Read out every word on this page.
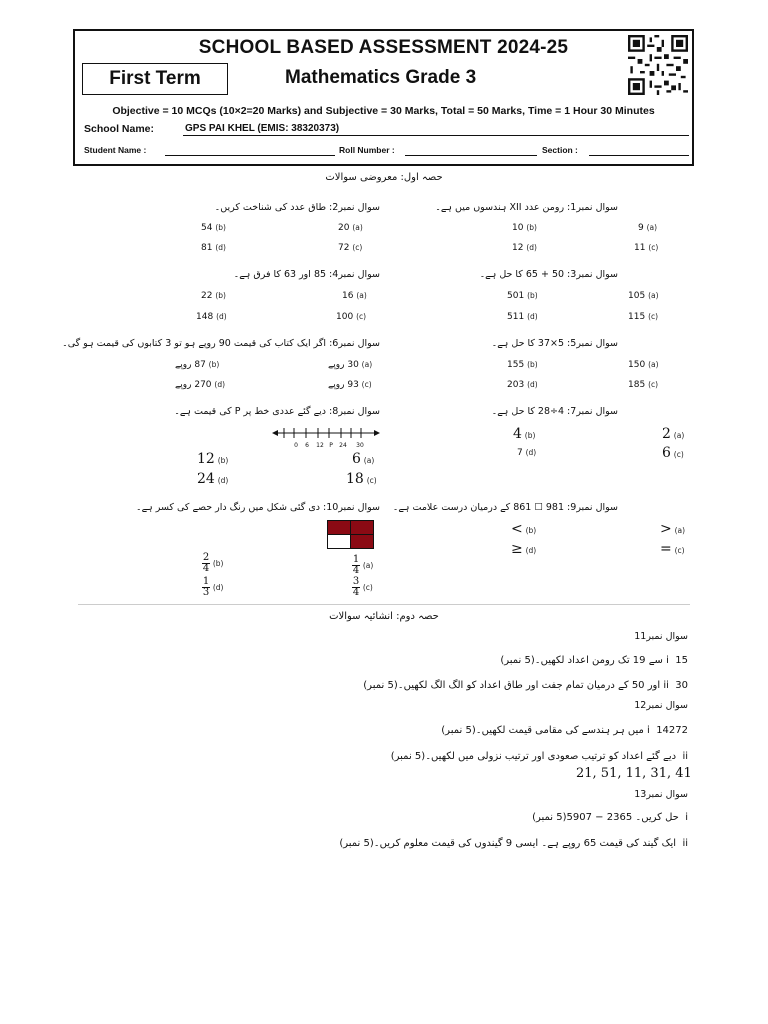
SCHOOL BASED ASSESSMENT 2024-25
First Term	Mathematics Grade 3
Objective = 10 MCQs (10×2=20 Marks) and Subjective = 30 Marks, Total = 50 Marks, Time = 1 Hour 30 Minutes
School Name:	GPS PAI KHEL (EMIS: 38320373)
Student Name :	Roll Number :	Section :
حصہ اول: معروضی سوالات
سوال نمبر1: رومن عدد XII ہندسوں میں ہے۔
9 (a)
10 (b)
11 (c)
12 (d)
سوال نمبر2: طاق عدد کی شناخت کریں۔
20 (a)
54 (b)
72 (c)
81 (d)
سوال نمبر3: 50 + 65 کا حل ہے۔
105 (a)
501 (b)
115 (c)
511 (d)
سوال نمبر4: 85 اور 63 کا فرق ہے۔
16 (a)
22 (b)
100 (c)
148 (d)
سوال نمبر5: 5×37 کا حل ہے۔
150 (a)
155 (b)
185 (c)
203 (d)
سوال نمبر6: اگر ایک کتاب کی قیمت 90 روپے ہو تو 3 کتابوں کی قیمت ہو گی۔
(a) 30 روپے
(b) 87 روپے
(c) 93 روپے
(d) 270 روپے
سوال نمبر7: 4÷28 کا حل ہے۔
2 (a)
4 (b)
6 (c)
7 (d)
سوال نمبر8: دیے گئے عددی خط پر P کی قیمت ہے۔
0 6 12 P 24 30
6 (a)
12 (b)
18 (c)
24 (d)
سوال نمبر9: 981 ☐ 861 کے درمیان درست علامت ہے۔
> (a)
< (b)
= (c)
≥ (d)
سوال نمبر10: دی گئی شکل میں رنگ دار حصے کی کسر ہے۔
$\frac{1}{4} (a)$
$\frac{2}{4} (b)$
$\frac{3}{4} (c)$
$\frac{1}{3} (d)$
حصہ دوم: انشائیہ سوالات
سوال نمبر11
i  15 سے 19 تک رومن اعداد لکھیں۔(5 نمبر)
ii  30 اور 50 کے درمیان تمام جفت اور طاق اعداد کو الگ الگ لکھیں۔(5 نمبر)
سوال نمبر12
i  14272 میں ہر ہندسے کی مقامی قیمت لکھیں۔(5 نمبر)
ii  دیے گئے اعداد کو ترتیب صعودی اور ترتیب نزولی میں لکھیں۔(5 نمبر)
21, 51, 11, 31, 41
سوال نمبر13
i  حل کریں۔ 2365 − 5907(5 نمبر)
ii  ایک گیند کی قیمت 65 روپے ہے۔ ایسی 9 گیندوں کی قیمت معلوم کریں۔(5 نمبر)
